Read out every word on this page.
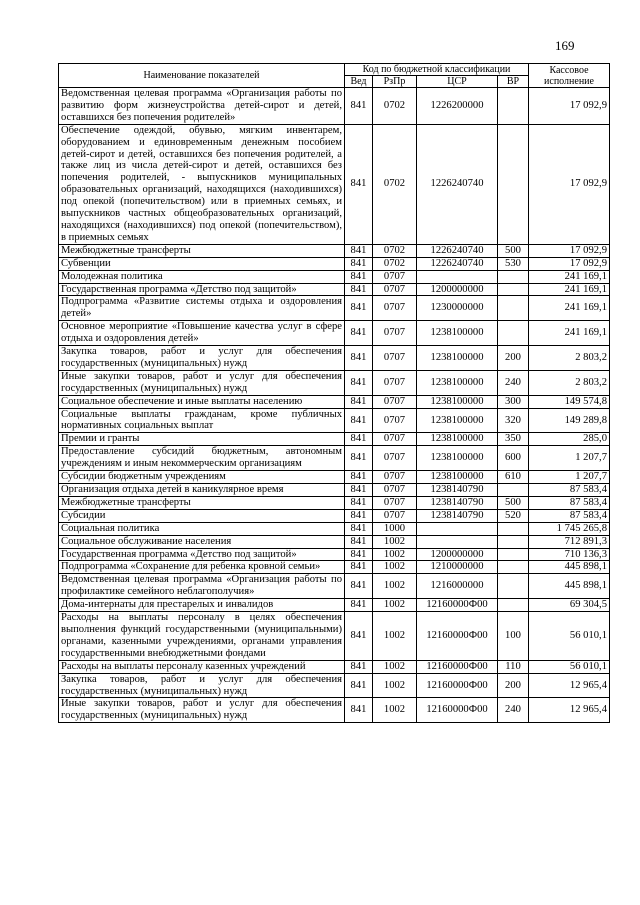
169
Наименование показателей	Код по бюджетной классификации				Кассовое исполнение
	Вед	РзПр	ЦСР	ВР	
Ведомственная целевая программа «Организация работы по развитию форм жизнеустройства детей-сирот и детей, оставшихся без попечения родителей»	841	0702	1226200000		17 092,9
Обеспечение одеждой, обувью, мягким инвентарем, оборудованием и единовременным денежным пособием детей-сирот и детей, оставшихся без попечения родителей, а также лиц из числа детей-сирот и детей, оставшихся без попечения родителей, - выпускников муниципальных образовательных организаций, находящихся (находившихся) под опекой (попечительством) или в приемных семьях, и выпускников частных общеобразовательных организаций, находящихся (находившихся) под опекой (попечительством), в приемных семьях	841	0702	1226240740		17 092,9
Межбюджетные трансферты	841	0702	1226240740	500	17 092,9
Субвенции	841	0702	1226240740	530	17 092,9
Молодежная политика	841	0707			241 169,1
Государственная программа «Детство под защитой»	841	0707	1200000000		241 169,1
Подпрограмма «Развитие системы отдыха и оздоровления детей»	841	0707	1230000000		241 169,1
Основное мероприятие «Повышение качества услуг в сфере отдыха и оздоровления детей»	841	0707	1238100000		241 169,1
Закупка товаров, работ и услуг для обеспечения государственных (муниципальных) нужд	841	0707	1238100000	200	2 803,2
Иные закупки товаров, работ и услуг для обеспечения государственных (муниципальных) нужд	841	0707	1238100000	240	2 803,2
Социальное обеспечение и иные выплаты населению	841	0707	1238100000	300	149 574,8
Социальные выплаты гражданам, кроме публичных нормативных социальных выплат	841	0707	1238100000	320	149 289,8
Премии и гранты	841	0707	1238100000	350	285,0
Предоставление субсидий бюджетным, автономным учреждениям и иным некоммерческим организациям	841	0707	1238100000	600	1 207,7
Субсидии бюджетным учреждениям	841	0707	1238100000	610	1 207,7
Организация отдыха детей в каникулярное время	841	0707	1238140790		87 583,4
Межбюджетные трансферты	841	0707	1238140790	500	87 583,4
Субсидии	841	0707	1238140790	520	87 583,4
Социальная политика	841	1000			1 745 265,8
Социальное обслуживание населения	841	1002			712 891,3
Государственная программа «Детство под защитой»	841	1002	1200000000		710 136,3
Подпрограмма «Сохранение для ребенка кровной семьи»	841	1002	1210000000		445 898,1
Ведомственная целевая программа «Организация работы по профилактике семейного неблагополучия»	841	1002	1216000000		445 898,1
Дома-интернаты для престарелых и инвалидов	841	1002	12160000Ф00		69 304,5
Расходы на выплаты персоналу в целях обеспечения выполнения функций государственными (муниципальными) органами, казенными учреждениями, органами управления государственными внебюджетными фондами	841	1002	12160000Ф00	100	56 010,1
Расходы на выплаты персоналу казенных учреждений	841	1002	12160000Ф00	110	56 010,1
Закупка товаров, работ и услуг для обеспечения государственных (муниципальных) нужд	841	1002	12160000Ф00	200	12 965,4
Иные закупки товаров, работ и услуг для обеспечения государственных (муниципальных) нужд	841	1002	12160000Ф00	240	12 965,4
